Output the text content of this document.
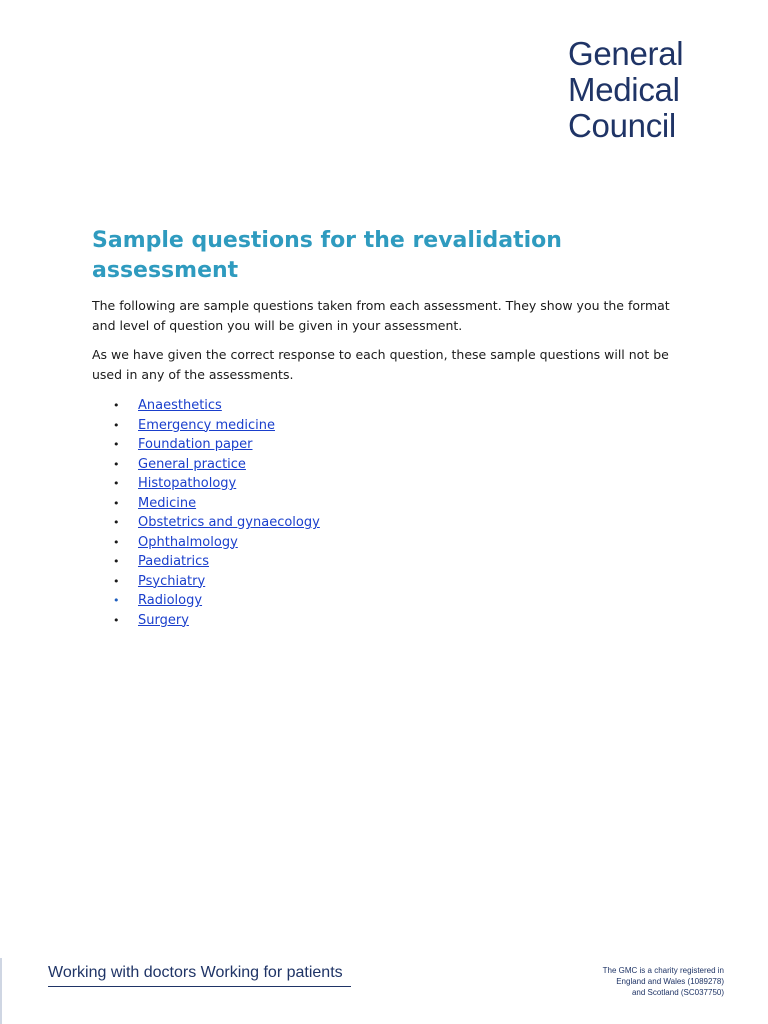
General
Medical
Council
Sample questions for the revalidation assessment

The following are sample questions taken from each assessment. They show you the format and level of question you will be given in your assessment.

As we have given the correct response to each question, these sample questions will not be used in any of the assessments.

• Anaesthetics
• Emergency medicine
• Foundation paper
• General practice
• Histopathology
• Medicine
• Obstetrics and gynaecology
• Ophthalmology
• Paediatrics
• Psychiatry
• Radiology
• Surgery
Working with doctors Working for patients	The GMC is a charity registered in
England and Wales (1089278)
and Scotland (SC037750)
